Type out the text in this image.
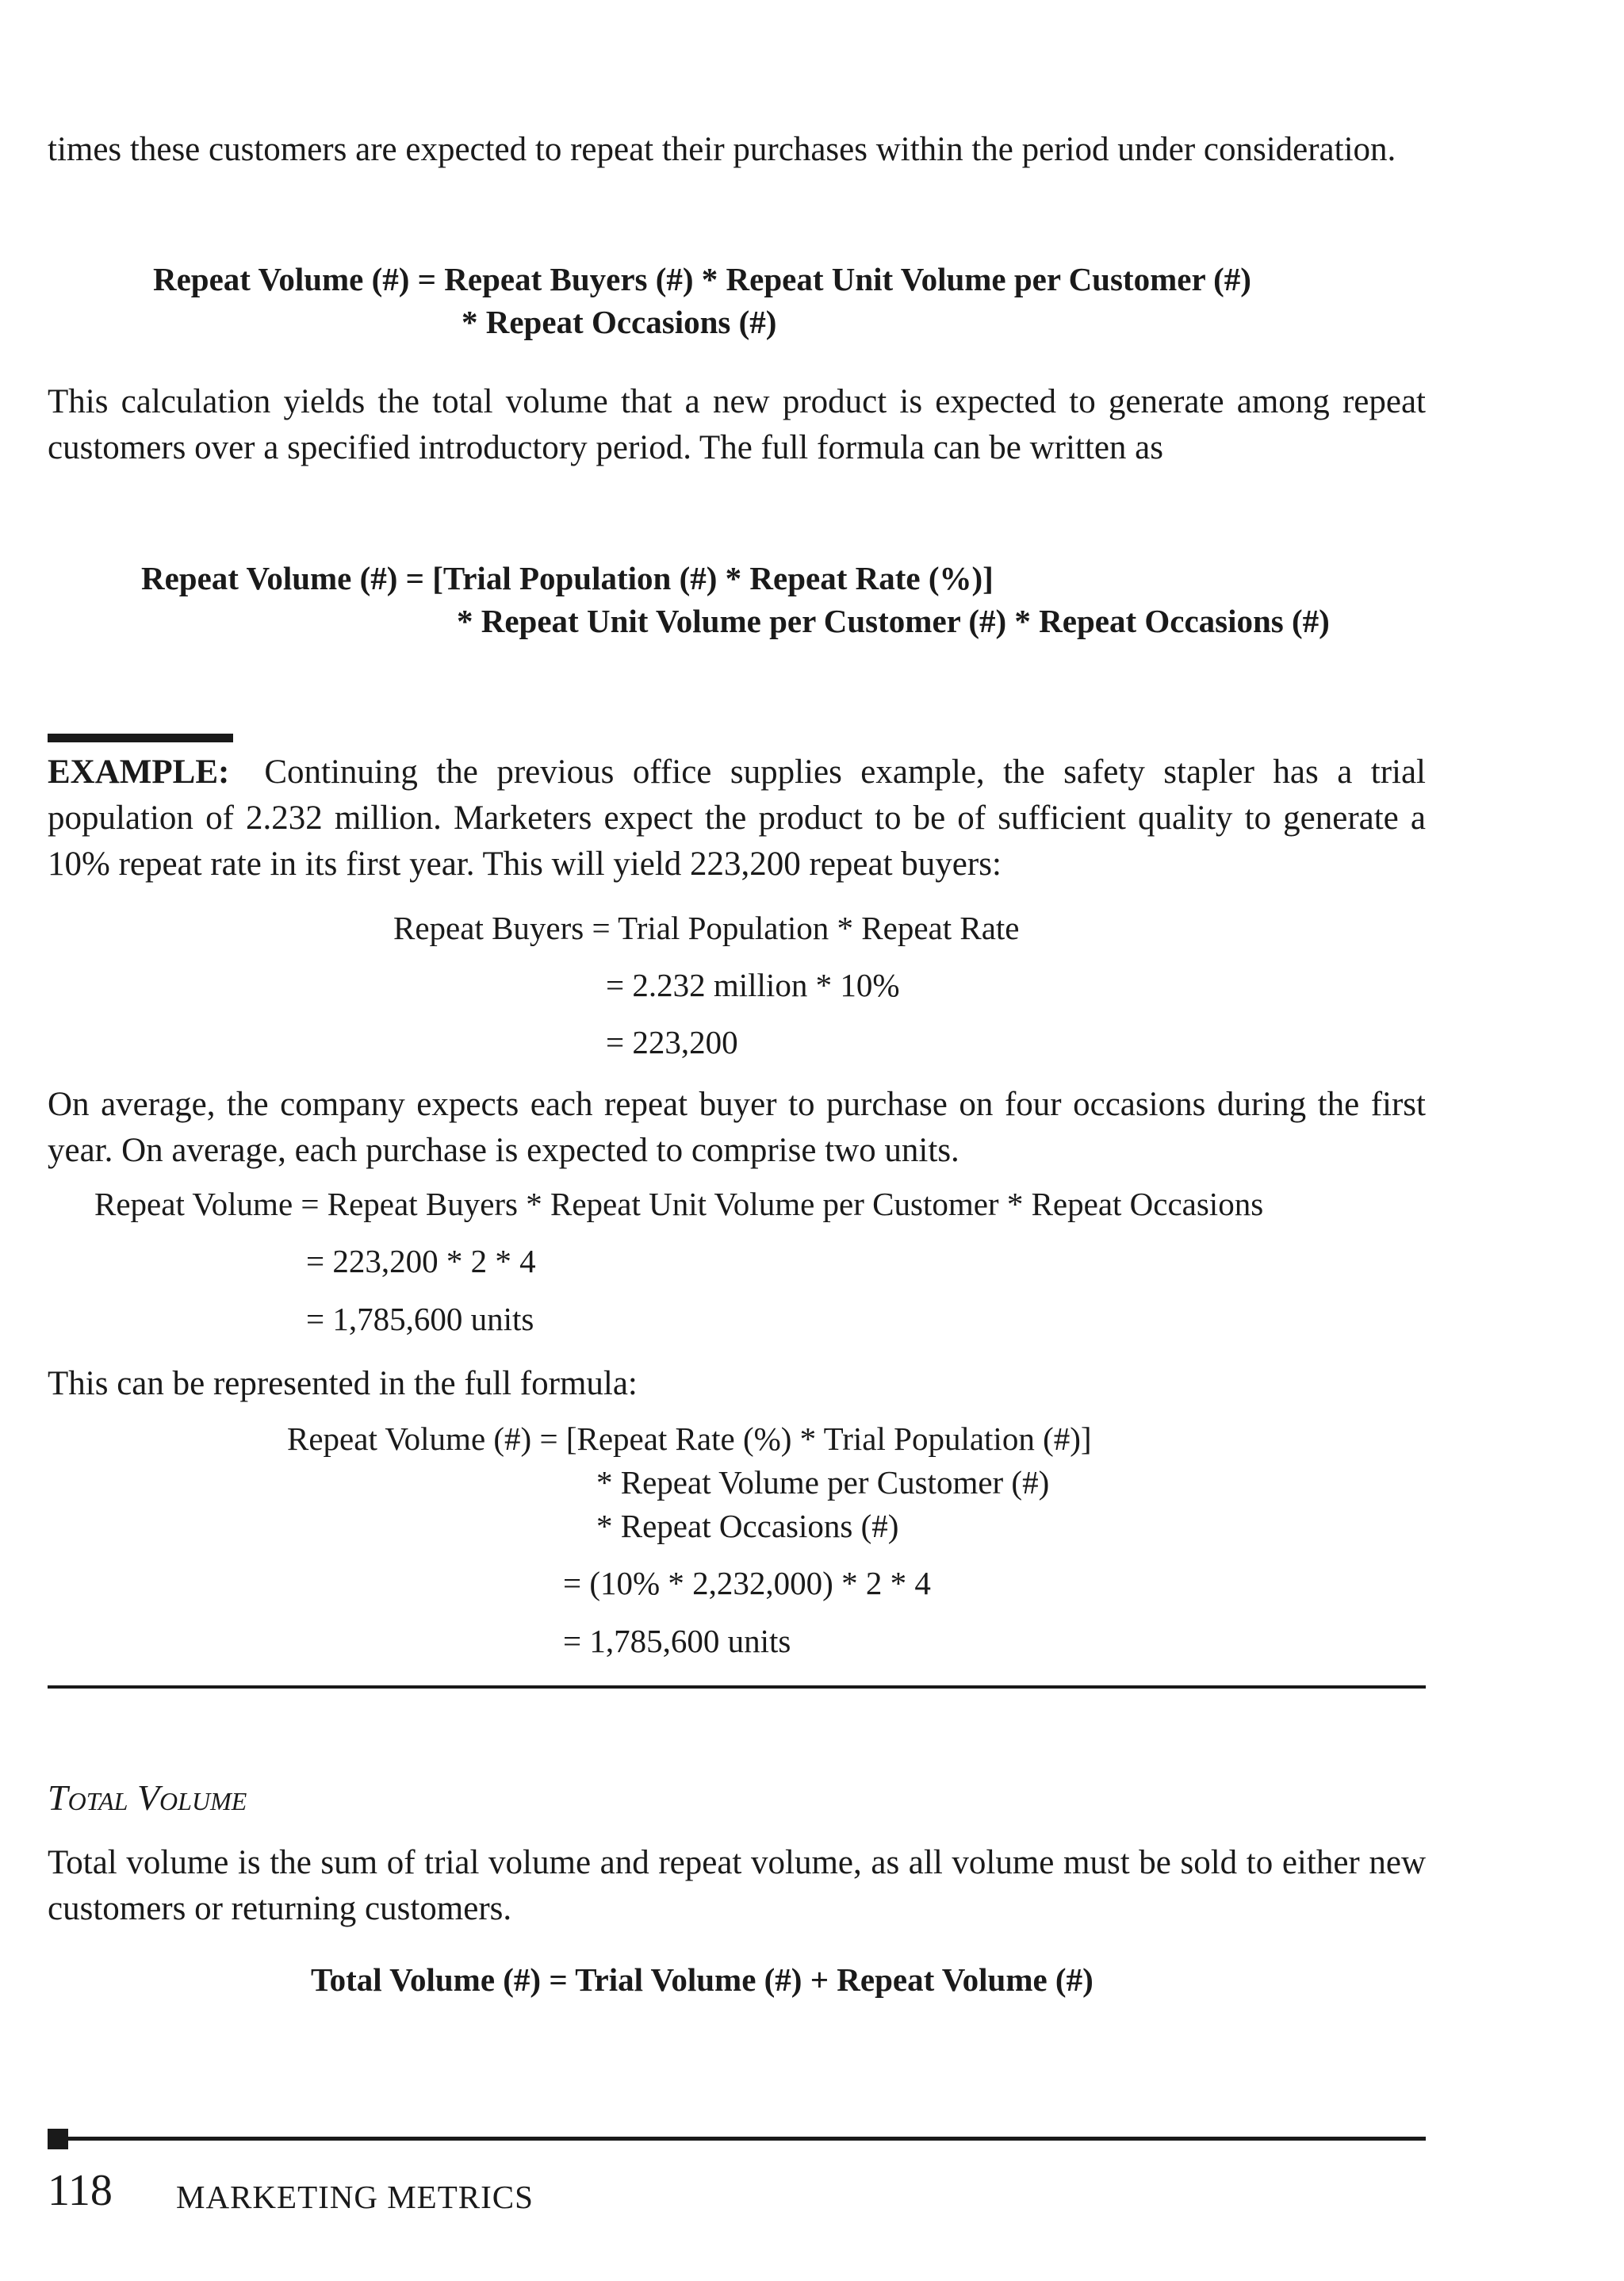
times these customers are expected to repeat their purchases within the period under consideration.

Repeat Volume (#) = Repeat Buyers (#) * Repeat Unit Volume per Customer (#)
* Repeat Occasions (#)

This calculation yields the total volume that a new product is expected to generate among repeat customers over a specified introductory period. The full formula can be written as

Repeat Volume (#) = [Trial Population (#) * Repeat Rate (%)]
* Repeat Unit Volume per Customer (#) * Repeat Occasions (#)

EXAMPLE: Continuing the previous office supplies example, the safety stapler has a trial population of 2.232 million. Marketers expect the product to be of sufficient quality to generate a 10% repeat rate in its first year. This will yield 223,200 repeat buyers:

Repeat Buyers = Trial Population * Repeat Rate
= 2.232 million * 10%
= 223,200

On average, the company expects each repeat buyer to purchase on four occasions during the first year. On average, each purchase is expected to comprise two units.

Repeat Volume = Repeat Buyers * Repeat Unit Volume per Customer * Repeat Occasions
= 223,200 * 2 * 4
= 1,785,600 units

This can be represented in the full formula:

Repeat Volume (#) = [Repeat Rate (%) * Trial Population (#)]
* Repeat Volume per Customer (#)
* Repeat Occasions (#)
= (10% * 2,232,000) * 2 * 4
= 1,785,600 units
Total Volume

Total volume is the sum of trial volume and repeat volume, as all volume must be sold to either new customers or returning customers.

Total Volume (#) = Trial Volume (#) + Repeat Volume (#)
118 MARKETING METRICS
